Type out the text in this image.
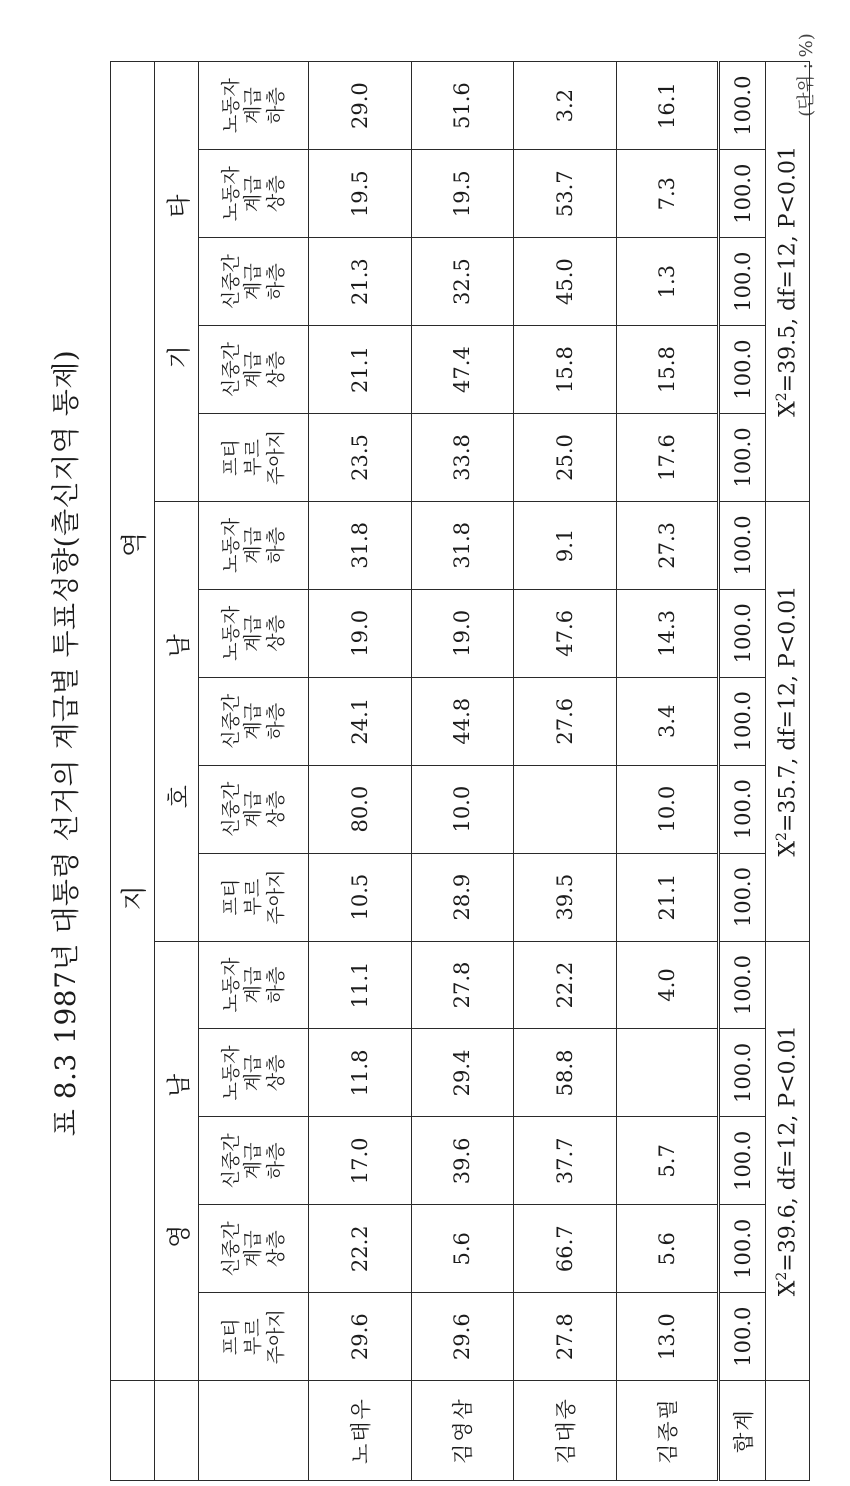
표 8.3 1987년 대통령 선거의 계급별 투표성향(출신지역 통제)
(단위 : %)
	지 역														
	영 남					호 남					기 타				

	프티 부르 주아지	신중간 계급 상층	신중간 계급 하층	노동자 계급 상층	노동자 계급 하층	프티 부르 주아지	신중간 계급 상층	신중간 계급 하층	노동자 계급 상층	노동자 계급 하층	프티 부르 주아지	신중간 계급 상층	신중간 계급 하층	노동자 계급 상층	노동자 계급 하층

노태우	29.6	22.2	17.0	11.8	11.1	10.5	80.0	24.1	19.0	31.8	23.5	21.1	21.3	19.5	29.0
김영삼	29.6	5.6	39.6	29.4	27.8	28.9	10.0	44.8	19.0	31.8	33.8	47.4	32.5	19.5	51.6
김대중	27.8	66.7	37.7	58.8	22.2	39.5		27.6	47.6	9.1	25.0	15.8	45.0	53.7	3.2
김종필	13.0	5.6	5.7		4.0	21.1	10.0	3.4	14.3	27.3	17.6	15.8	1.3	7.3	16.1
합계	100.0	100.0	100.0	100.0	100.0	100.0	100.0	100.0	100.0	100.0	100.0	100.0	100.0	100.0	100.0
	$X^2=39.6$, df=12, P<0.01					$X^2=35.7$, df=12, P<0.01					$X^2=39.5$, df=12, P<0.01				
